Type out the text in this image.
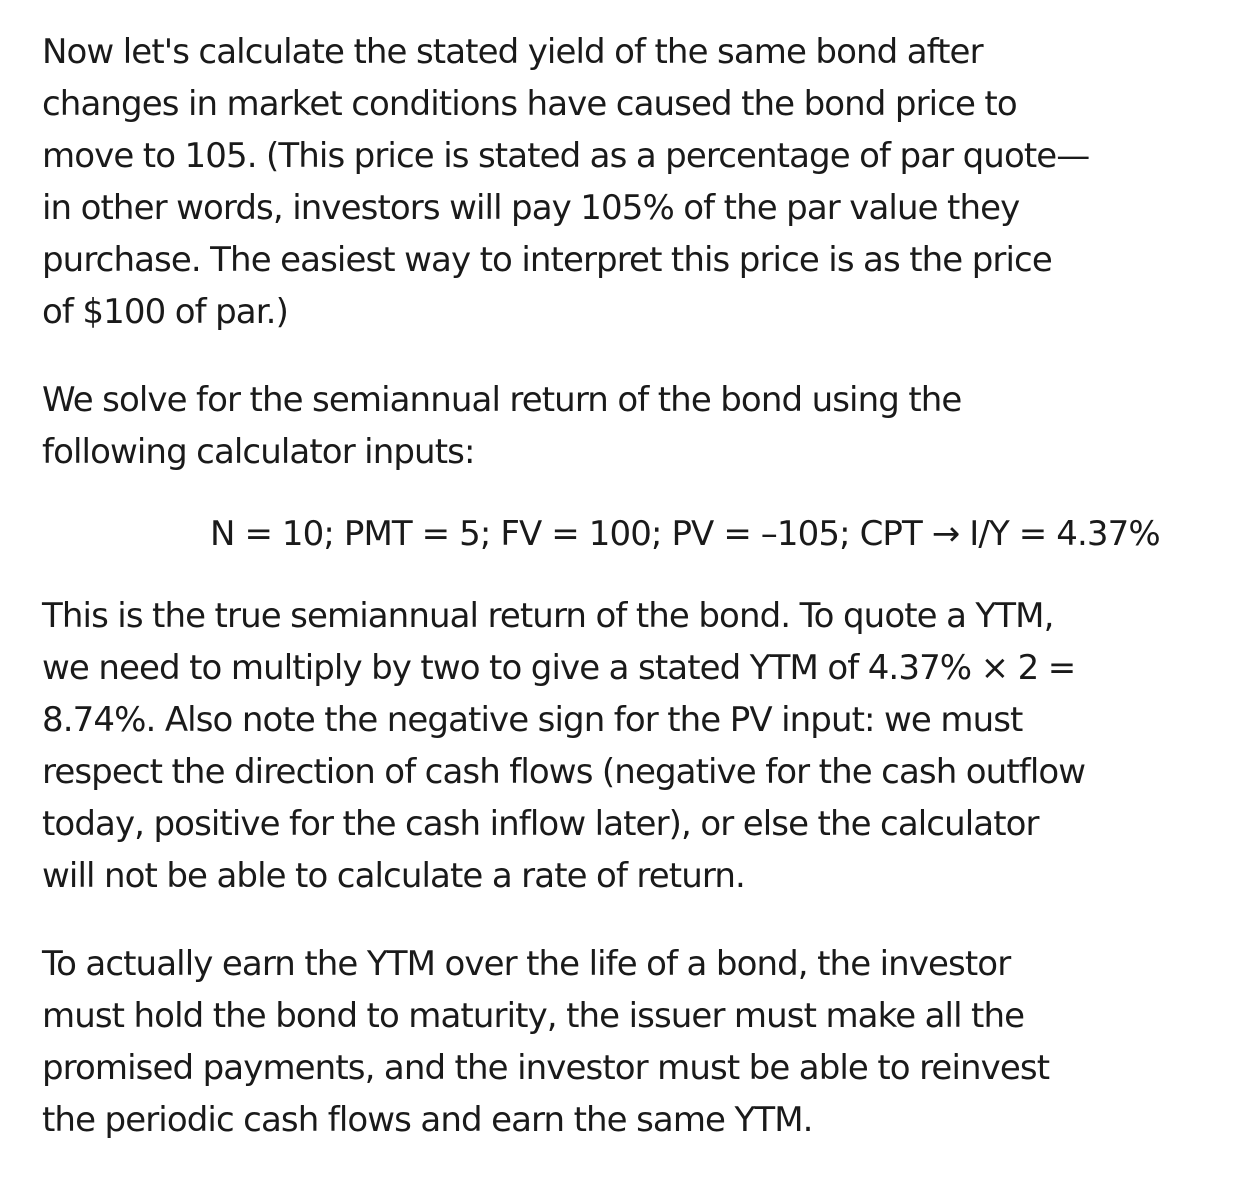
Now let's calculate the stated yield of the same bond after
changes in market conditions have caused the bond price to
move to 105. (This price is stated as a percentage of par quote—
in other words, investors will pay 105% of the par value they
purchase. The easiest way to interpret this price is as the price
of $100 of par.)

We solve for the semiannual return of the bond using the
following calculator inputs:

N = 10; PMT = 5; FV = 100; PV = –105; CPT → I/Y = 4.37%

This is the true semiannual return of the bond. To quote a YTM,
we need to multiply by two to give a stated YTM of 4.37% × 2 =
8.74%. Also note the negative sign for the PV input: we must
respect the direction of cash flows (negative for the cash outflow
today, positive for the cash inflow later), or else the calculator
will not be able to calculate a rate of return.

To actually earn the YTM over the life of a bond, the investor
must hold the bond to maturity, the issuer must make all the
promised payments, and the investor must be able to reinvest
the periodic cash flows and earn the same YTM.
